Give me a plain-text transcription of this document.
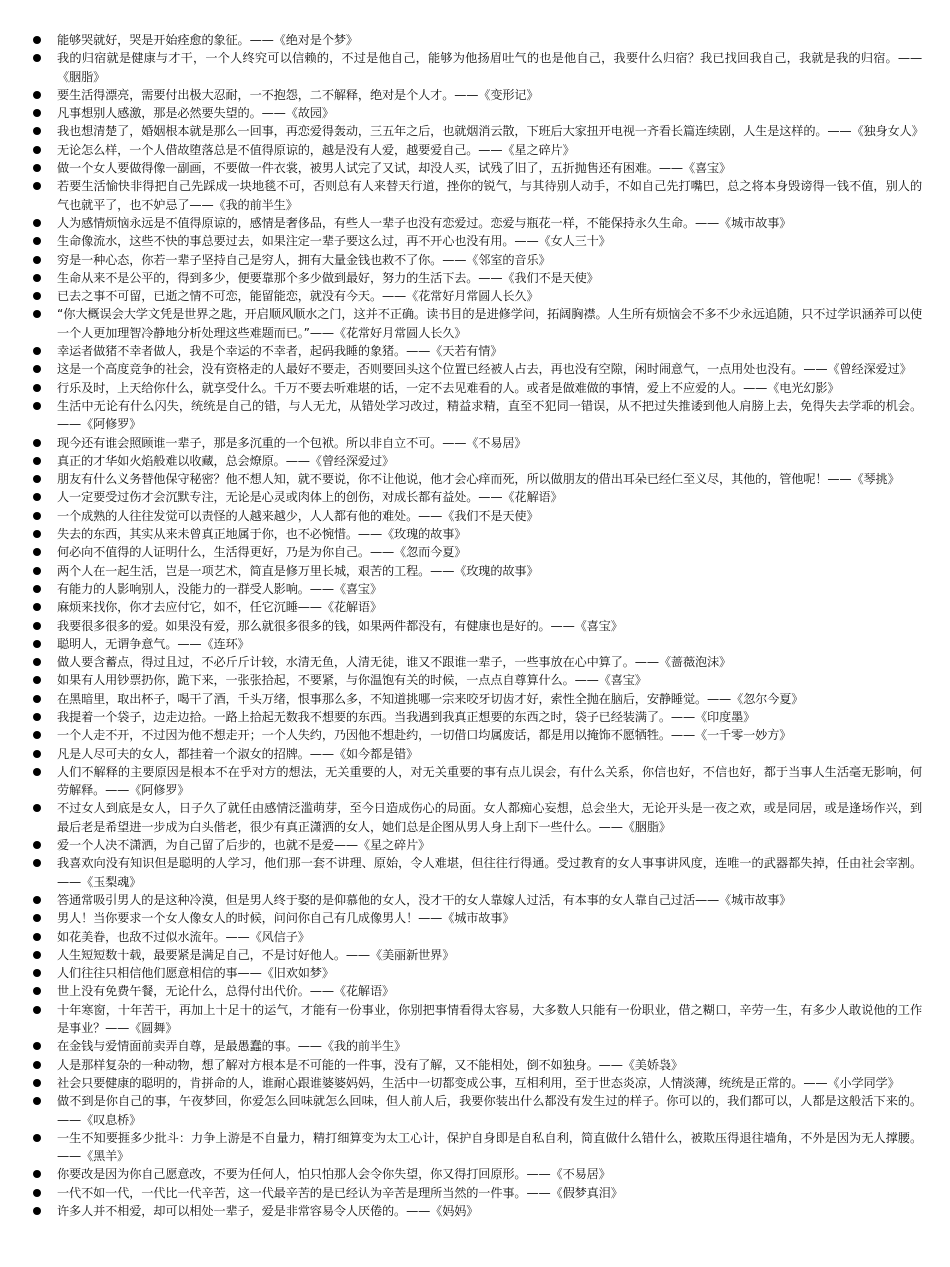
能够哭就好，哭是开始痊愈的象征。——《绝对是个梦》
我的归宿就是健康与才干，一个人终究可以信赖的，不过是他自己，能够为他扬眉吐气的也是他自己，我要什么归宿？我已找回我自己，我就是我的归宿。——《胭脂》
要生活得漂亮，需要付出极大忍耐，一不抱怨，二不解释，绝对是个人才。——《变形记》
凡事想别人感激，那是必然要失望的。——《故园》
我也想清楚了，婚姻根本就是那么一回事，再恋爱得轰动，三五年之后，也就烟消云散，下班后大家扭开电视一齐看长篇连续剧，人生是这样的。——《独身女人》
无论怎么样，一个人借故堕落总是不值得原谅的，越是没有人爱，越要爱自己。——《星之碎片》
做一个女人要做得像一副画，不要做一件衣裳，被男人试完了又试，却没人买，试残了旧了，五折抛售还有困难。——《喜宝》
若要生活愉快非得把自己先踩成一块地毯不可，否则总有人来替天行道，挫你的锐气，与其待别人动手，不如自己先打嘴巴，总之将本身毁谤得一钱不值，别人的气也就平了，也不妒忌了——《我的前半生》
人为感情烦恼永远是不值得原谅的，感情是奢侈品，有些人一辈子也没有恋爱过。恋爱与瓶花一样，不能保持永久生命。——《城市故事》
生命像流水，这些不快的事总要过去，如果注定一辈子要这么过，再不开心也没有用。——《女人三十》
穷是一种心态，你若一辈子坚持自己是穷人，拥有大量金钱也救不了你。——《邻室的音乐》
生命从来不是公平的，得到多少，便要靠那个多少做到最好，努力的生活下去。——《我们不是天使》
已去之事不可留，已逝之情不可恋，能留能恋，就没有今天。——《花常好月常圆人长久》
“你大概误会大学文凭是世界之匙，开启顺风顺水之门，这并不正确。读书目的是进修学问，拓阔胸襟。人生所有烦恼会不多不少永远追随，只不过学识涵养可以使一个人更加理智冷静地分析处理这些难题而已。”——《花常好月常圆人长久》
幸运者做猪不幸者做人，我是个幸运的不幸者，起码我睡的象猪。——《天若有情》
这是一个高度竞争的社会，没有资格走的人最好不要走，否则要回头这个位置已经被人占去，再也没有空隙，闲时闹意气，一点用处也没有。——《曾经深爱过》
行乐及时，上天给你什么，就享受什么。千万不要去听难堪的话，一定不去见难看的人。或者是做难做的事情，爱上不应爱的人。——《电光幻影》
生活中无论有什么闪失，统统是自己的错，与人无尤，从错处学习改过，精益求精，直至不犯同一错误，从不把过失推诿到他人肩膀上去，免得失去学乖的机会。——《阿修罗》
现今还有谁会照顾谁一辈子，那是多沉重的一个包袱。所以非自立不可。——《不易居》
真正的才华如火焰般难以收藏，总会燎原。——《曾经深爱过》
朋友有什么义务替他保守秘密？他不想人知，就不要说，你不让他说，他才会心痒而死，所以做朋友的借出耳朵已经仁至义尽，其他的，管他呢！——《琴挑》
人一定要受过伤才会沉默专注，无论是心灵或肉体上的创伤，对成长都有益处。——《花解语》
一个成熟的人往往发觉可以责怪的人越来越少，人人都有他的难处。——《我们不是天使》
失去的东西，其实从来未曾真正地属于你，也不必惋惜。——《玫瑰的故事》
何必向不值得的人证明什么，生活得更好，乃是为你自己。——《忽而今夏》
两个人在一起生活，岂是一项艺术，简直是修万里长城，艰苦的工程。——《玫瑰的故事》
有能力的人影响别人，没能力的一群受人影响。——《喜宝》
麻烦来找你，你才去应付它，如不，任它沉睡——《花解语》
我要很多很多的爱。如果没有爱，那么就很多很多的钱，如果两件都没有，有健康也是好的。——《喜宝》
聪明人，无谓争意气。——《连环》
做人要含蓄点，得过且过，不必斤斤计较，水清无鱼，人清无徒，谁又不跟谁一辈子，一些事放在心中算了。——《蔷薇泡沫》
如果有人用钞票扔你，跪下来，一张张拾起，不要紧，与你温饱有关的时候，一点点自尊算什么。——《喜宝》
在黑暗里，取出杯子，喝干了酒，千头万绪，恨事那么多，不知道挑哪一宗来咬牙切齿才好，索性全抛在脑后，安静睡觉。——《忽尔今夏》
我提着一个袋子，边走边拾。一路上拾起无数我不想要的东西。当我遇到我真正想要的东西之时，袋子已经装满了。——《印度墨》
一个人走不开，不过因为他不想走开；一个人失约，乃因他不想赴约，一切借口均属废话，都是用以掩饰不愿牺牲。——《一千零一妙方》
凡是人尽可夫的女人，都挂着一个淑女的招牌。——《如今都是错》
人们不解释的主要原因是根本不在乎对方的想法，无关重要的人，对无关重要的事有点儿误会，有什么关系，你信也好，不信也好，都于当事人生活毫无影响，何劳解释。——《阿修罗》
不过女人到底是女人，日子久了就任由感情泛滥萌芽，至今日造成伤心的局面。女人都痴心妄想，总会坐大，无论开头是一夜之欢，或是同居，或是逢场作兴，到最后老是希望进一步成为白头偕老，很少有真正潇洒的女人，她们总是企图从男人身上刮下一些什么。——《胭脂》
爱一个人决不潇洒，为自己留了后步的，也就不是爱——《星之碎片》
我喜欢向没有知识但是聪明的人学习，他们那一套不讲理、原始，令人难堪，但往往行得通。受过教育的女人事事讲风度，连唯一的武器都失掉，任由社会宰割。——《玉梨魂》
答通常吸引男人的是这种冷漠，但是男人终于娶的是仰慕他的女人，没才干的女人靠嫁人过活，有本事的女人靠自己过活——《城市故事》
男人！当你要求一个女人像女人的时候，问问你自己有几成像男人！——《城市故事》
如花美眷，也敌不过似水流年。——《风信子》
人生短短数十载，最要紧是满足自己，不是讨好他人。——《美丽新世界》
人们往往只相信他们愿意相信的事——《旧欢如梦》
世上没有免费午餐，无论什么，总得付出代价。——《花解语》
十年寒窗，十年苦干，再加上十足十的运气，才能有一份事业，你别把事情看得太容易，大多数人只能有一份职业，借之糊口，辛劳一生，有多少人敢说他的工作是事业？——《圆舞》
在金钱与爱情面前卖弄自尊，是最愚蠢的事。——《我的前半生》
人是那样复杂的一种动物，想了解对方根本是不可能的一件事，没有了解，又不能相处，倒不如独身。——《美娇袅》
社会只要健康的聪明的，肯拼命的人，谁耐心跟谁婆婆妈妈，生活中一切都变成公事，互相利用，至于世态炎凉，人情淡薄，统统是正常的。——《小学同学》
做不到是你自己的事，午夜梦回，你爱怎么回味就怎么回味，但人前人后，我要你装出什么都没有发生过的样子。你可以的，我们都可以，人都是这般活下来的。——《叹息桥》
一生不知要捱多少批斗：力争上游是不自量力，精打细算变为太工心计，保护自身即是自私自利，简直做什么错什么，被欺压得退往墙角，不外是因为无人撑腰。——《黑羊》
你要改是因为你自己愿意改，不要为任何人，怕只怕那人会令你失望，你又得打回原形。——《不易居》
一代不如一代，一代比一代辛苦，这一代最辛苦的是已经认为辛苦是理所当然的一件事。——《假梦真泪》
许多人并不相爱，却可以相处一辈子，爱是非常容易令人厌倦的。——《妈妈》
